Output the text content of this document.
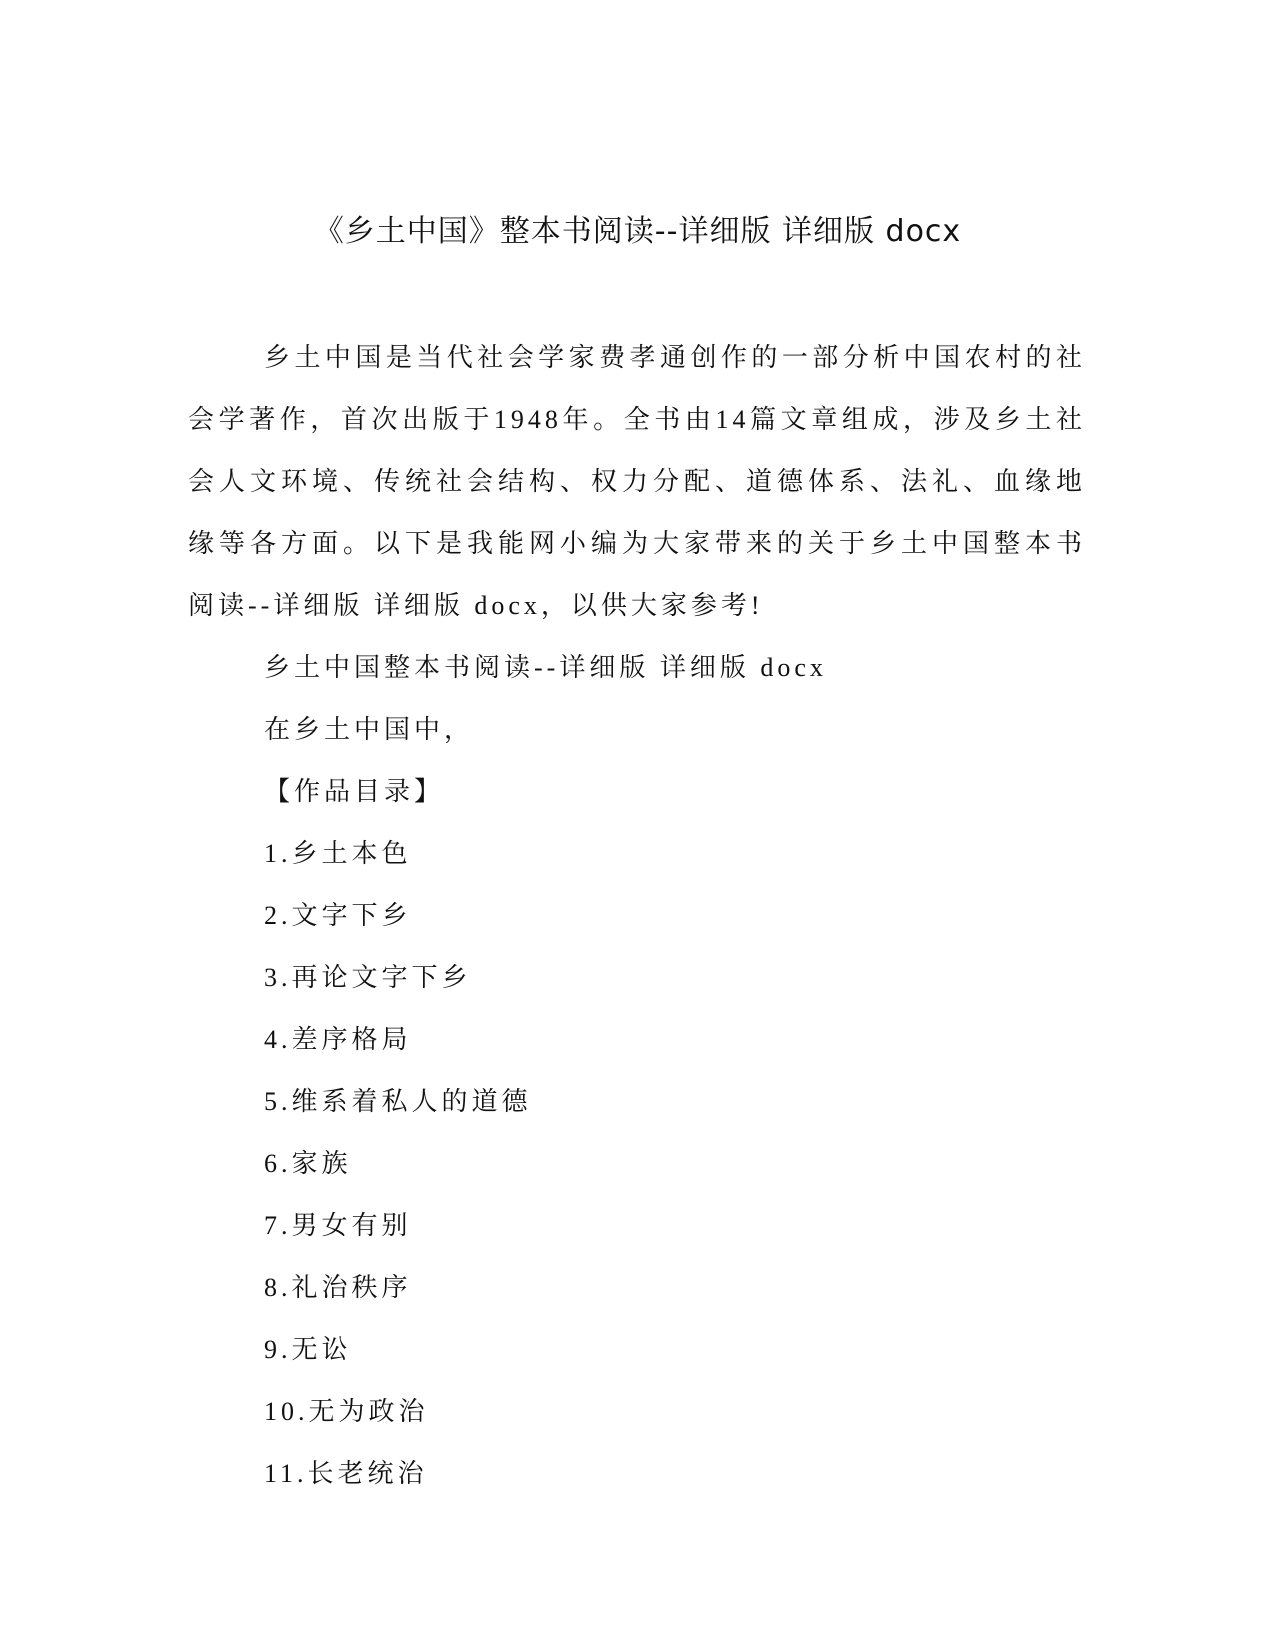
《乡土中国》整本书阅读--详细版 详细版 docx

乡土中国是当代社会学家费孝通创作的一部分析中国农村的社会学著作，首次出版于1948年。全书由14篇文章组成，涉及乡土社会人文环境、传统社会结构、权力分配、道德体系、法礼、血缘地缘等各方面。以下是我能网小编为大家带来的关于乡土中国整本书阅读--详细版 详细版 docx，以供大家参考!

乡土中国整本书阅读--详细版 详细版 docx

在乡土中国中，

【作品目录】

1.乡土本色
2.文字下乡
3.再论文字下乡
4.差序格局
5.维系着私人的道德
6.家族
7.男女有别
8.礼治秩序
9.无讼
10.无为政治
11.长老统治
